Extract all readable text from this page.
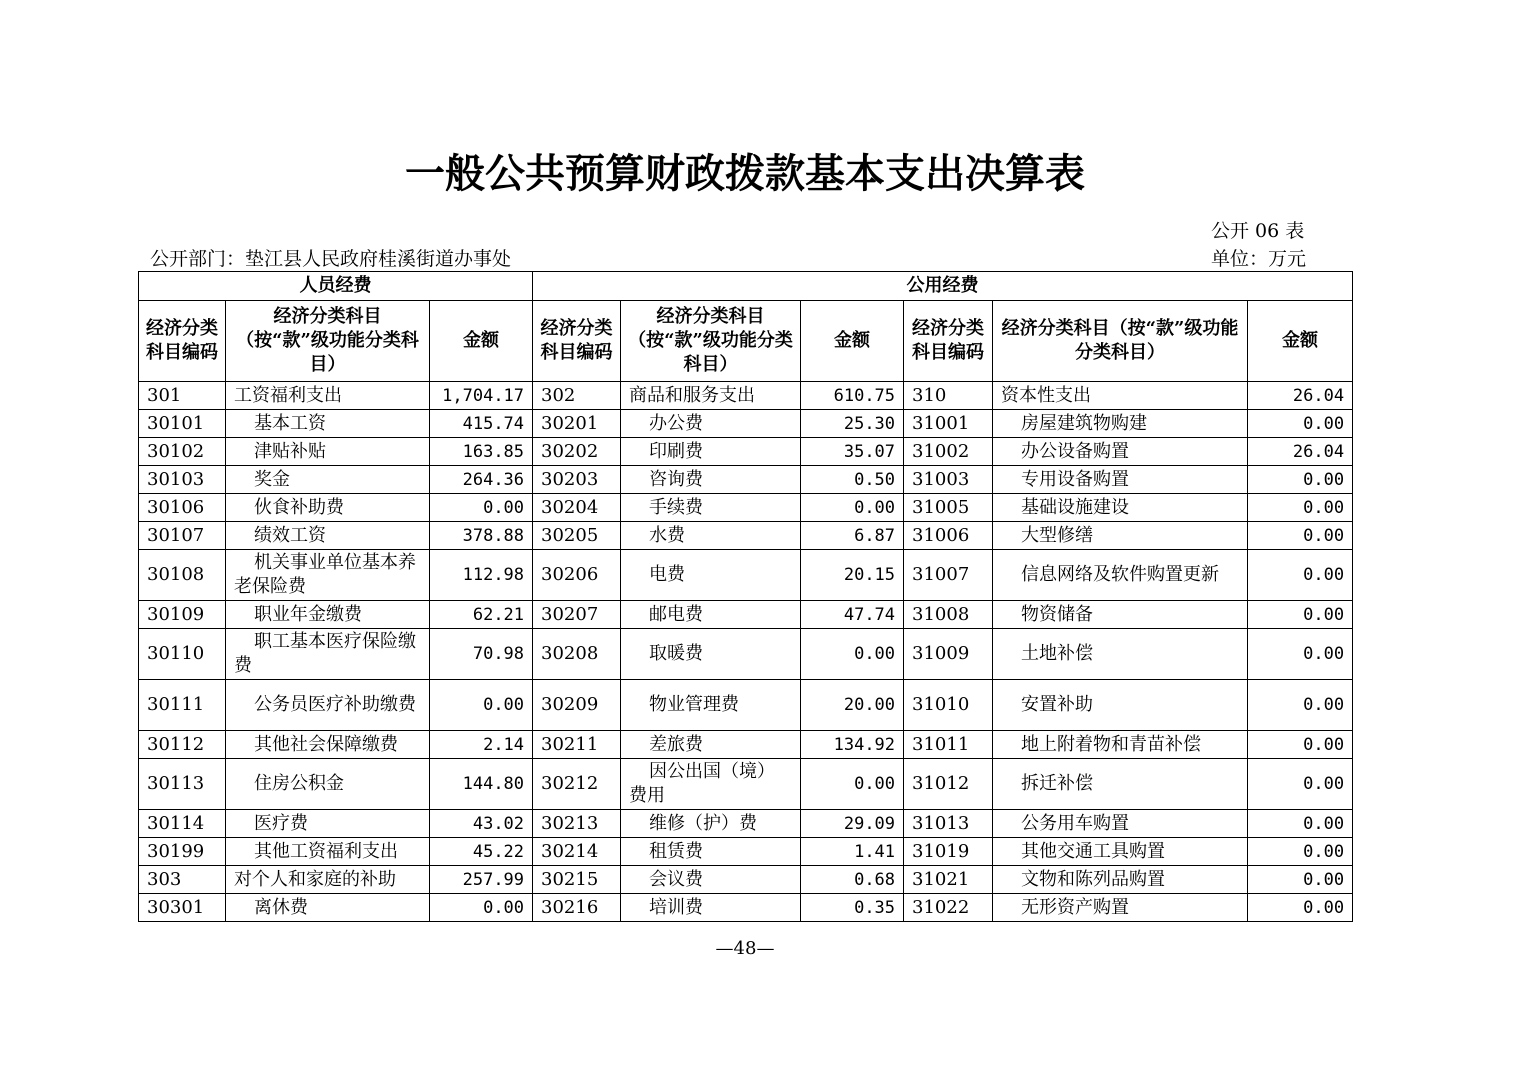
一般公共预算财政拨款基本支出决算表
公开 06 表
公开部门：垫江县人民政府桂溪街道办事处	单位：万元
人员经费			公用经费					
经济分类科目编码	经济分类科目（按“款”级功能分类科目）	金额	经济分类科目编码	经济分类科目（按“款”级功能分类科目）	金额	经济分类科目编码	经济分类科目（按“款”级功能分类科目）	金额
301	工资福利支出	1,704.17	302	商品和服务支出	610.75	310	资本性支出	26.04
30101	基本工资	415.74	30201	办公费	25.30	31001	房屋建筑物购建	0.00
30102	津贴补贴	163.85	30202	印刷费	35.07	31002	办公设备购置	26.04
30103	奖金	264.36	30203	咨询费	0.50	31003	专用设备购置	0.00
30106	伙食补助费	0.00	30204	手续费	0.00	31005	基础设施建设	0.00
30107	绩效工资	378.88	30205	水费	6.87	31006	大型修缮	0.00
30108	机关事业单位基本养老保险费	112.98	30206	电费	20.15	31007	信息网络及软件购置更新	0.00
30109	职业年金缴费	62.21	30207	邮电费	47.74	31008	物资储备	0.00
30110	职工基本医疗保险缴费	70.98	30208	取暖费	0.00	31009	土地补偿	0.00
30111	公务员医疗补助缴费	0.00	30209	物业管理费	20.00	31010	安置补助	0.00
30112	其他社会保障缴费	2.14	30211	差旅费	134.92	31011	地上附着物和青苗补偿	0.00
30113	住房公积金	144.80	30212	因公出国（境）费用	0.00	31012	拆迁补偿	0.00
30114	医疗费	43.02	30213	维修（护）费	29.09	31013	公务用车购置	0.00
30199	其他工资福利支出	45.22	30214	租赁费	1.41	31019	其他交通工具购置	0.00
303	对个人和家庭的补助	257.99	30215	会议费	0.68	31021	文物和陈列品购置	0.00
30301	离休费	0.00	30216	培训费	0.35	31022	无形资产购置	0.00
—48—
